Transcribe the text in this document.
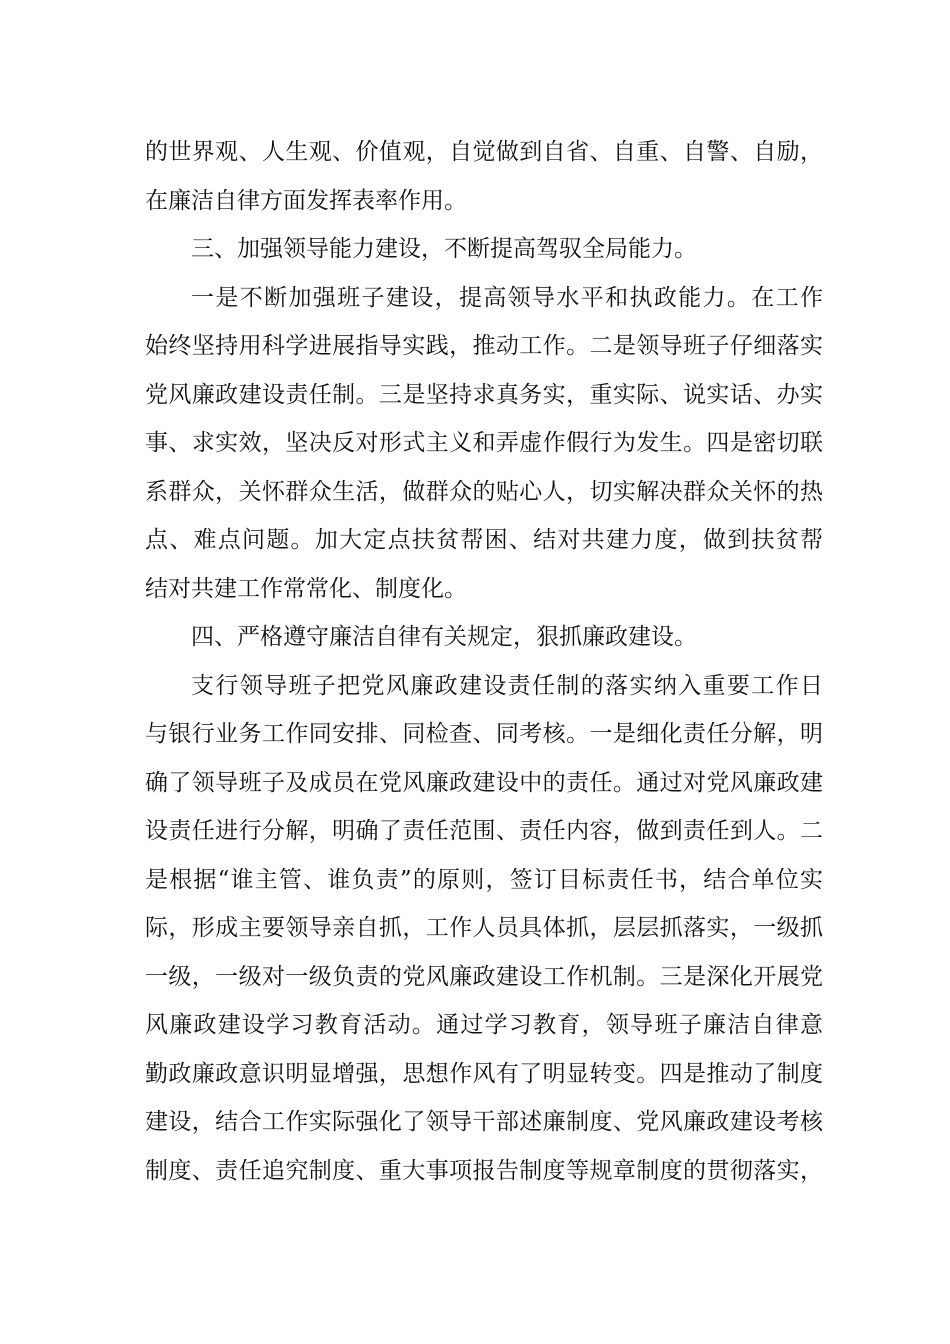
的世界观、人生观、价值观，自觉做到自省、自重、自警、自励，
在廉洁自律方面发挥表率作用。
三、加强领导能力建设，不断提高驾驭全局能力。
一是不断加强班子建设，提高领导水平和执政能力。在工作
始终坚持用科学进展指导实践，推动工作。二是领导班子仔细落实
党风廉政建设责任制。三是坚持求真务实，重实际、说实话、办实
事、求实效，坚决反对形式主义和弄虚作假行为发生。四是密切联
系群众，关怀群众生活，做群众的贴心人，切实解决群众关怀的热
点、难点问题。加大定点扶贫帮困、结对共建力度，做到扶贫帮
结对共建工作常常化、制度化。
四、严格遵守廉洁自律有关规定，狠抓廉政建设。
支行领导班子把党风廉政建设责任制的落实纳入重要工作日
与银行业务工作同安排、同检查、同考核。一是细化责任分解，明
确了领导班子及成员在党风廉政建设中的责任。通过对党风廉政建
设责任进行分解，明确了责任范围、责任内容，做到责任到人。二
是根据“谁主管、谁负责”的原则，签订目标责任书，结合单位实
际，形成主要领导亲自抓，工作人员具体抓，层层抓落实，一级抓
一级，一级对一级负责的党风廉政建设工作机制。三是深化开展党
风廉政建设学习教育活动。通过学习教育，领导班子廉洁自律意
勤政廉政意识明显增强，思想作风有了明显转变。四是推动了制度
建设，结合工作实际强化了领导干部述廉制度、党风廉政建设考核
制度、责任追究制度、重大事项报告制度等规章制度的贯彻落实，
